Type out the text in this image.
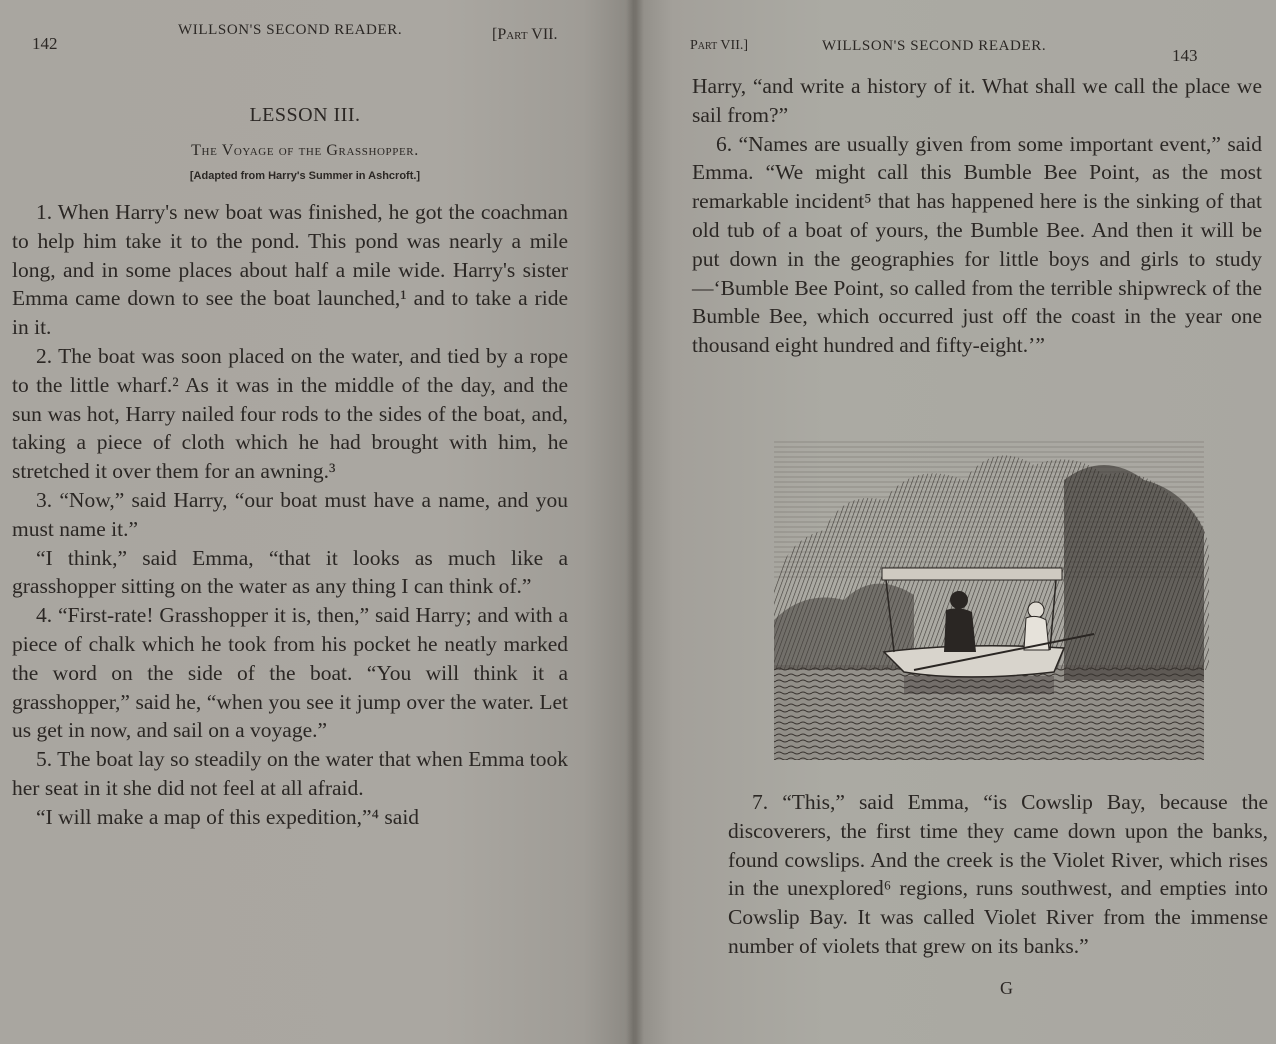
142
WILLSON'S SECOND READER.	[Part VII.
LESSON III.
The Voyage of the Grasshopper.
[Adapted from Harry's Summer in Ashcroft.]

1. When Harry's new boat was finished, he got the coachman to help him take it to the pond. This pond was nearly a mile long, and in some places about half a mile wide. Harry's sister Emma came down to see the boat launched,¹ and to take a ride in it.

2. The boat was soon placed on the water, and tied by a rope to the little wharf.² As it was in the middle of the day, and the sun was hot, Harry nailed four rods to the sides of the boat, and, taking a piece of cloth which he had brought with him, he stretched it over them for an awning.³

3. “Now,” said Harry, “our boat must have a name, and you must name it.”

“I think,” said Emma, “that it looks as much like a grasshopper sitting on the water as any thing I can think of.”

4. “First-rate! Grasshopper it is, then,” said Harry; and with a piece of chalk which he took from his pocket he neatly marked the word on the side of the boat. “You will think it a grasshopper,” said he, “when you see it jump over the water. Let us get in now, and sail on a voyage.”

5. The boat lay so steadily on the water that when Emma took her seat in it she did not feel at all afraid.

“I will make a map of this expedition,”⁴ said

Part VII.]	WILLSON'S SECOND READER.	143

Harry, “and write a history of it. What shall we call the place we sail from?”

6. “Names are usually given from some important event,” said Emma. “We might call this Bumble Bee Point, as the most remarkable incident⁵ that has happened here is the sinking of that old tub of a boat of yours, the Bumble Bee. And then it will be put down in the geographies for little boys and girls to study—‘Bumble Bee Point, so called from the terrible shipwreck of the Bumble Bee, which occurred just off the coast in the year one thousand eight hundred and fifty-eight.’”

7. “This,” said Emma, “is Cowslip Bay, because the discoverers, the first time they came down upon the banks, found cowslips. And the creek is the Violet River, which rises in the unexplored⁶ regions, runs southwest, and empties into Cowslip Bay. It was called Violet River from the immense number of violets that grew on its banks.”

G
